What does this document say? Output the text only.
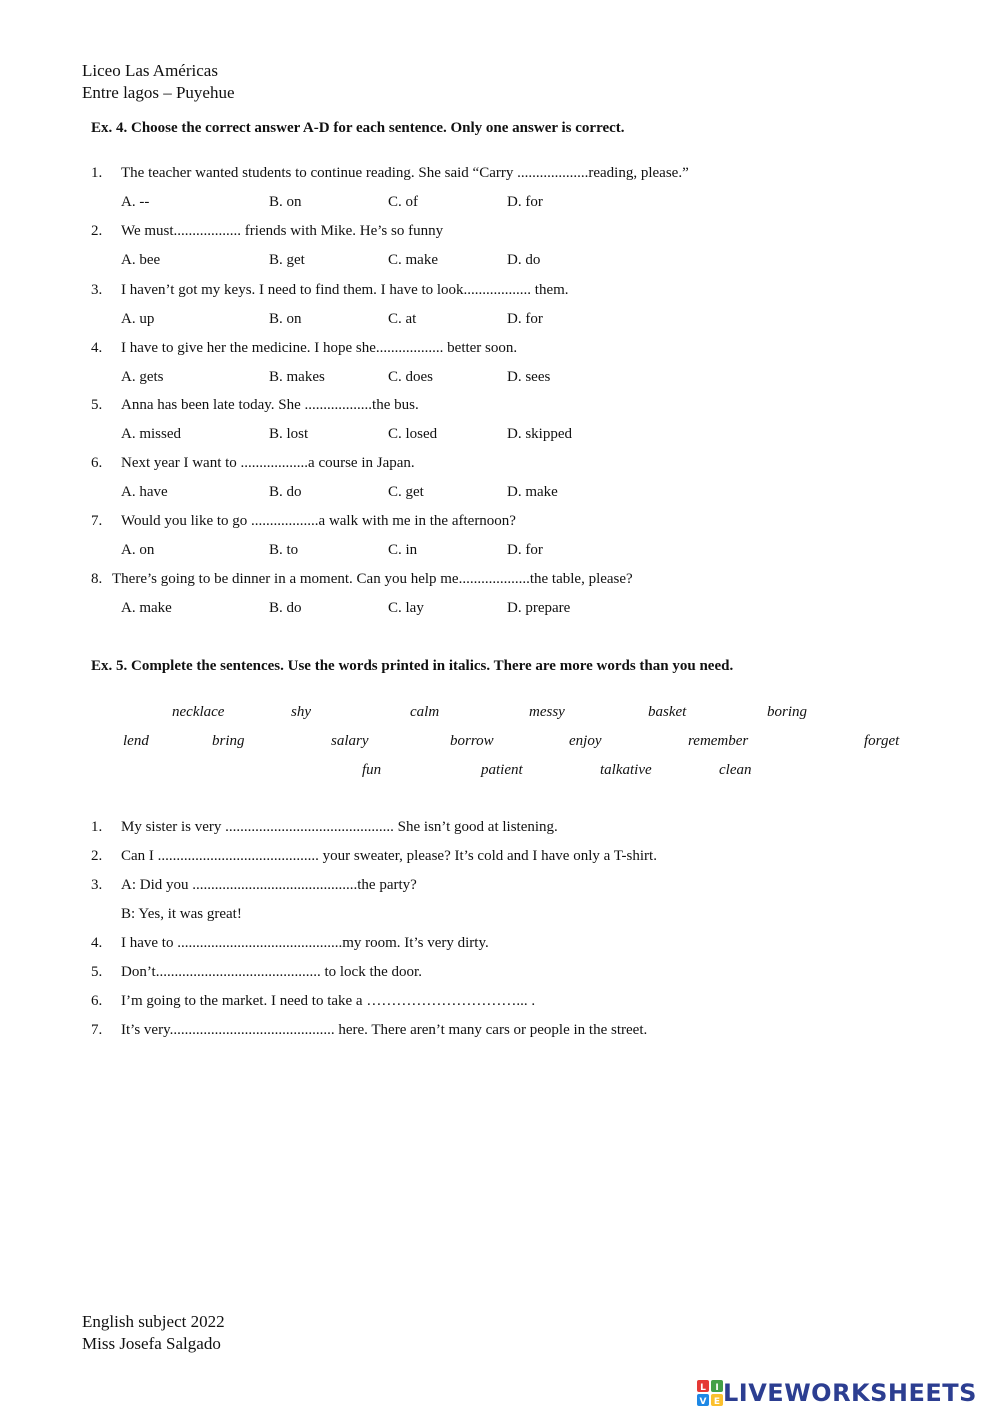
Liceo Las Américas
Entre lagos – Puyehue
Ex. 4. Choose the correct answer A-D for each sentence. Only one answer is correct.
1. The teacher wanted students to continue reading. She said “Carry ...................reading, please.”
A. --	B. on	C. of	D. for
2. We must.................. friends with Mike. He’s so funny
A. bee	B. get	C. make	D. do
3. I haven’t got my keys. I need to find them. I have to look.................. them.
A. up	B. on	C. at	D. for
4. I have to give her the medicine. I hope she.................. better soon.
A. gets	B. makes	C. does	D. sees
5. Anna has been late today. She ..................the bus.
A. missed	B. lost	C. losed	D. skipped
6. Next year I want to ..................a course in Japan.
A. have	B. do	C. get	D. make
7. Would you like to go ..................a walk with me in the afternoon?
A. on	B. to	C. in	D. for
8. There’s going to be dinner in a moment. Can you help me...................the table, please?
A. make	B. do	C. lay	D. prepare
Ex. 5. Complete the sentences. Use the words printed in italics. There are more words than you need.
necklace	shy	calm	messy	basket	boring
lend	bring	salary	borrow	enjoy	remember	forget
fun	patient	talkative	clean
1. My sister is very ............................................. She isn’t good at listening.
2. Can I ........................................... your sweater, please? It’s cold and I have only a T-shirt.
3. A: Did you ............................................the party?
B: Yes, it was great!
4. I have to ............................................my room. It’s very dirty.
5. Don’t............................................ to lock the door.
6. I’m going to the market. I need to take a …………………………... .
7. It’s very............................................ here. There aren’t many cars or people in the street.
English subject 2022
Miss Josefa Salgado
L I
V E LIVEWORKSHEETS
